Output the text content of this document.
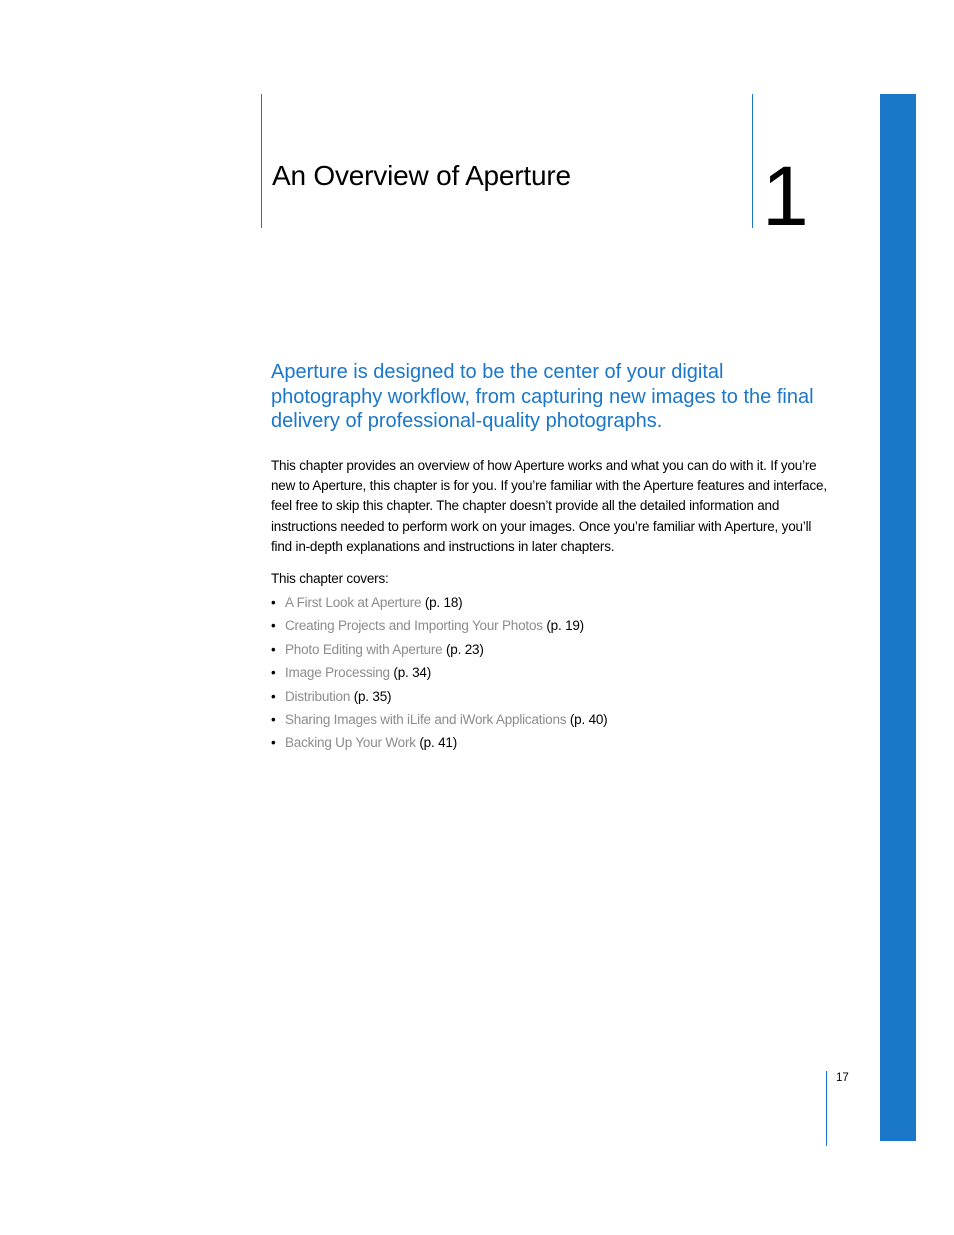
An Overview of Aperture 1

Aperture is designed to be the center of your digital photography workflow, from capturing new images to the final delivery of professional-quality photographs.

This chapter provides an overview of how Aperture works and what you can do with it. If you’re new to Aperture, this chapter is for you. If you’re familiar with the Aperture features and interface, feel free to skip this chapter. The chapter doesn’t provide all the detailed information and instructions needed to perform work on your images. Once you’re familiar with Aperture, you’ll find in-depth explanations and instructions in later chapters.

This chapter covers:

• A First Look at Aperture (p. 18)
• Creating Projects and Importing Your Photos (p. 19)
• Photo Editing with Aperture (p. 23)
• Image Processing (p. 34)
• Distribution (p. 35)
• Sharing Images with iLife and iWork Applications (p. 40)
• Backing Up Your Work (p. 41)
17
